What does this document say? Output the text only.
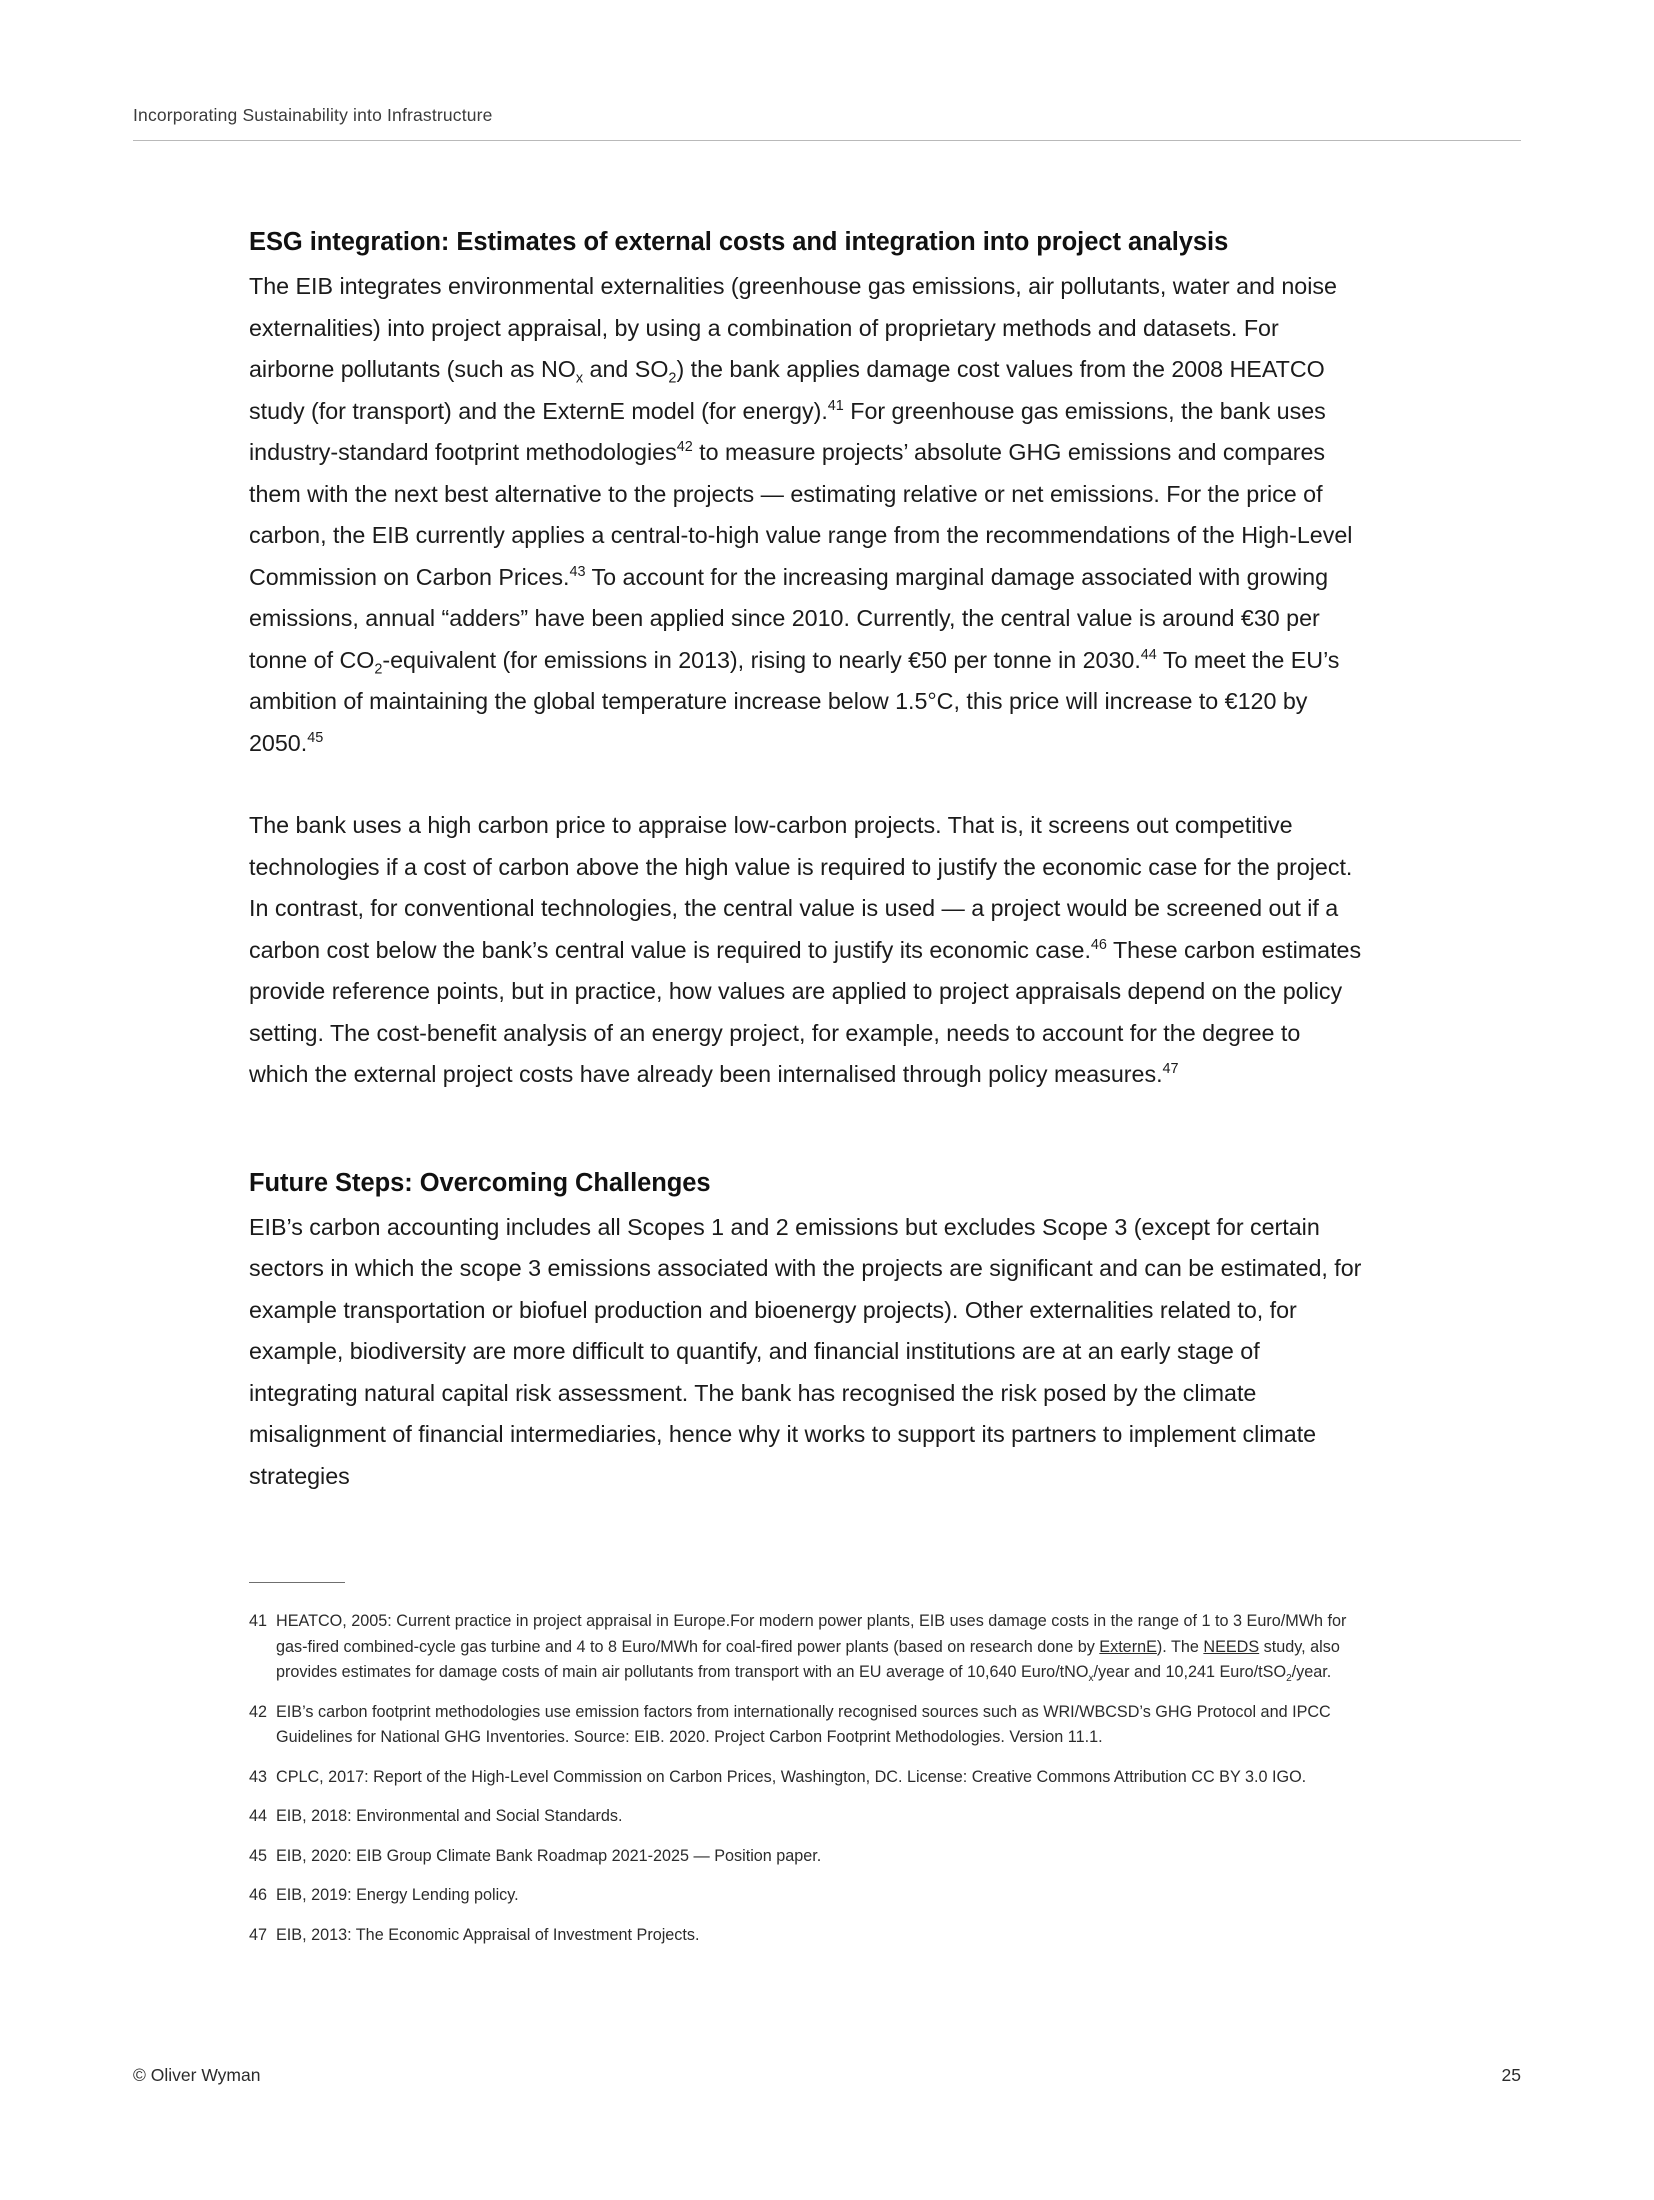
Incorporating Sustainability into Infrastructure
ESG integration: Estimates of external costs and integration into project analysis

The EIB integrates environmental externalities (greenhouse gas emissions, air pollutants, water and noise externalities) into project appraisal, by using a combination of proprietary methods and datasets. For airborne pollutants (such as $NO_x$ and $SO_2$) the bank applies damage cost values from the 2008 HEATCO study (for transport) and the ExternE model (for energy).$^{41}$ For greenhouse gas emissions, the bank uses industry-standard footprint methodologies$^{42}$ to measure projects’ absolute GHG emissions and compares them with the next best alternative to the projects — estimating relative or net emissions. For the price of carbon, the EIB currently applies a central-to-high value range from the recommendations of the High-Level Commission on Carbon Prices.$^{43}$ To account for the increasing marginal damage associated with growing emissions, annual “adders” have been applied since 2010. Currently, the central value is around €30 per tonne of $CO_2$-equivalent (for emissions in 2013), rising to nearly €50 per tonne in 2030.44 To meet the EU’s ambition of maintaining the global temperature increase below 1.5°C, this price will increase to €120 by 2050.45

The bank uses a high carbon price to appraise low-carbon projects. That is, it screens out competitive technologies if a cost of carbon above the high value is required to justify the economic case for the project. In contrast, for conventional technologies, the central value is used — a project would be screened out if a carbon cost below the bank’s central value is required to justify its economic case.$^{46}$ These carbon estimates provide reference points, but in practice, how values are applied to project appraisals depend on the policy setting. The cost-benefit analysis of an energy project, for example, needs to account for the degree to which the external project costs have already been internalised through policy measures.$^{47}$

Future Steps: Overcoming Challenges

EIB’s carbon accounting includes all Scopes 1 and 2 emissions but excludes Scope 3 (except for certain sectors in which the scope 3 emissions associated with the projects are significant and can be estimated, for example transportation or biofuel production and bioenergy projects). Other externalities related to, for example, biodiversity are more difficult to quantify, and financial institutions are at an early stage of integrating natural capital risk assessment. The bank has recognised the risk posed by the climate misalignment of financial intermediaries, hence why it works to support its partners to implement climate strategies

41 HEATCO, 2005: Current practice in project appraisal in Europe.For modern power plants, EIB uses damage costs in the range of 1 to 3 Euro/MWh for gas-fired combined-cycle gas turbine and 4 to 8 Euro/MWh for coal-fired power plants (based on research done by ExternE). The NEEDS study, also provides estimates for damage costs of main air pollutants from transport with an EU average of 10,640 Euro/tNO$_x$/year and 10,241 Euro/tSO$_2$/year.
42 EIB’s carbon footprint methodologies use emission factors from internationally recognised sources such as WRI/WBCSD’s GHG Protocol and IPCC Guidelines for National GHG Inventories. Source: EIB. 2020. Project Carbon Footprint Methodologies. Version 11.1.
43 CPLC, 2017: Report of the High-Level Commission on Carbon Prices, Washington, DC. License: Creative Commons Attribution CC BY 3.0 IGO.
44 EIB, 2018: Environmental and Social Standards.
45 EIB, 2020: EIB Group Climate Bank Roadmap 2021-2025 — Position paper.
46 EIB, 2019: Energy Lending policy.
47 EIB, 2013: The Economic Appraisal of Investment Projects.
© Oliver Wyman	25
